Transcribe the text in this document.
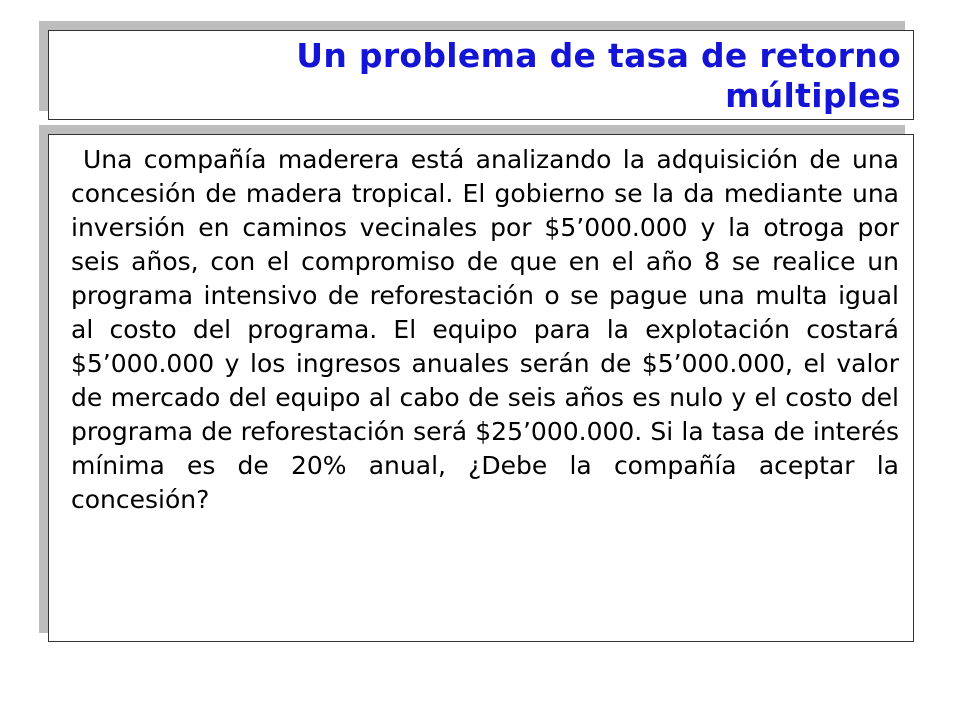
Un problema de tasa de retorno múltiples

Una compañía maderera está analizando la adquisición de una concesión de madera tropical. El gobierno se la da mediante una inversión en caminos vecinales por $5’000.000 y la otroga por seis años, con el compromiso de que en el año 8 se realice un programa intensivo de reforestación o se pague una multa igual al costo del programa. El equipo para la explotación costará $5’000.000 y los ingresos anuales serán de $5’000.000, el valor de mercado del equipo al cabo de seis años es nulo y el costo del programa de reforestación será $25’000.000. Si la tasa de interés mínima es de 20% anual, ¿Debe la compañía aceptar la concesión?
